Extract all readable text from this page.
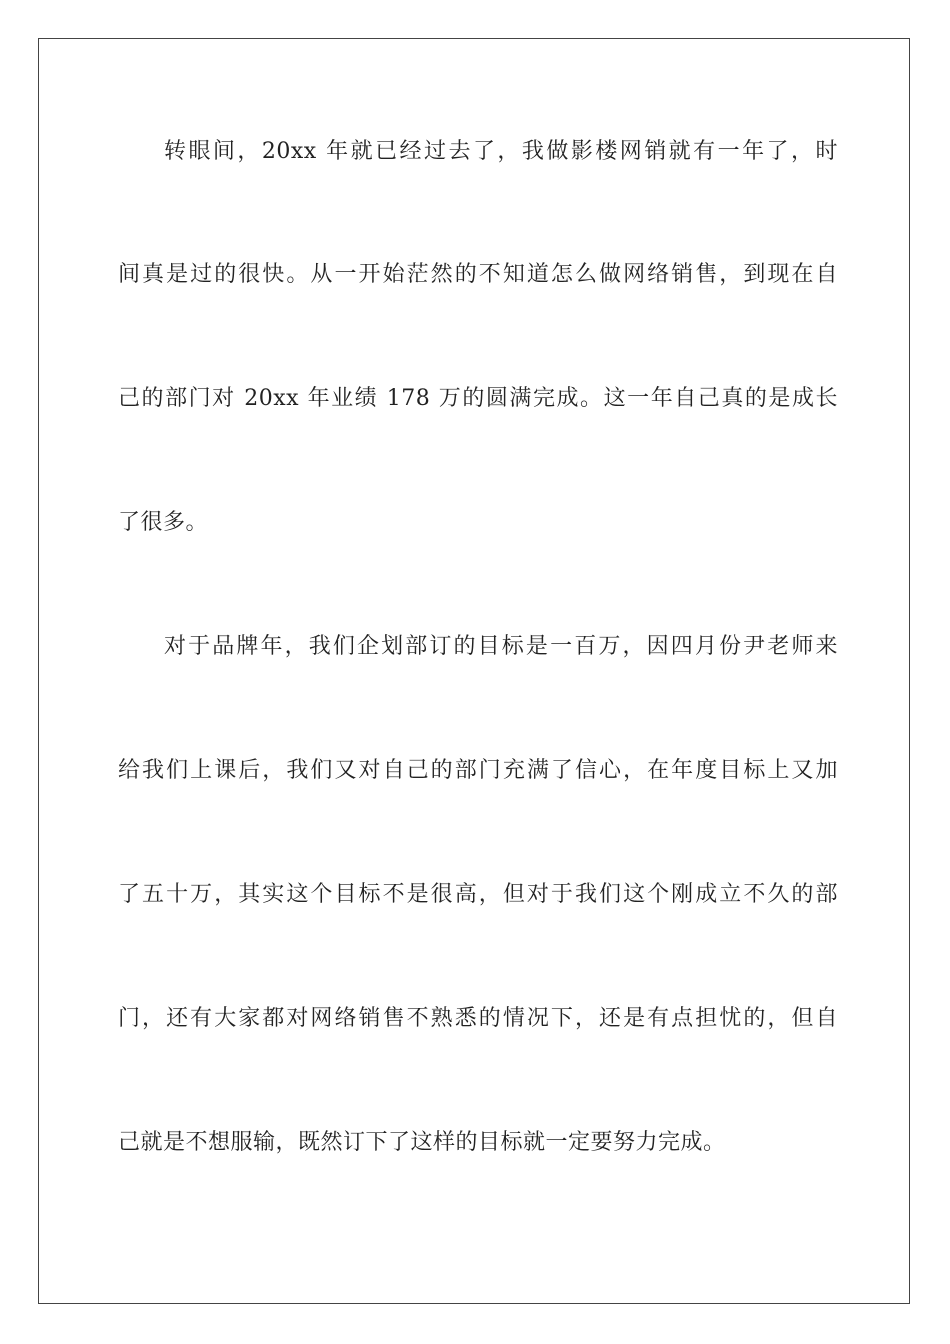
转眼间，20xx 年就已经过去了，我做影楼网销就有一年了，时
间真是过的很快。从一开始茫然的不知道怎么做网络销售，到现在自
己的部门对 20xx 年业绩 178 万的圆满完成。这一年自己真的是成长
了很多。
对于品牌年，我们企划部订的目标是一百万，因四月份尹老师来
给我们上课后，我们又对自己的部门充满了信心，在年度目标上又加
了五十万，其实这个目标不是很高，但对于我们这个刚成立不久的部
门，还有大家都对网络销售不熟悉的情况下，还是有点担忧的，但自
己就是不想服输，既然订下了这样的目标就一定要努力完成。
